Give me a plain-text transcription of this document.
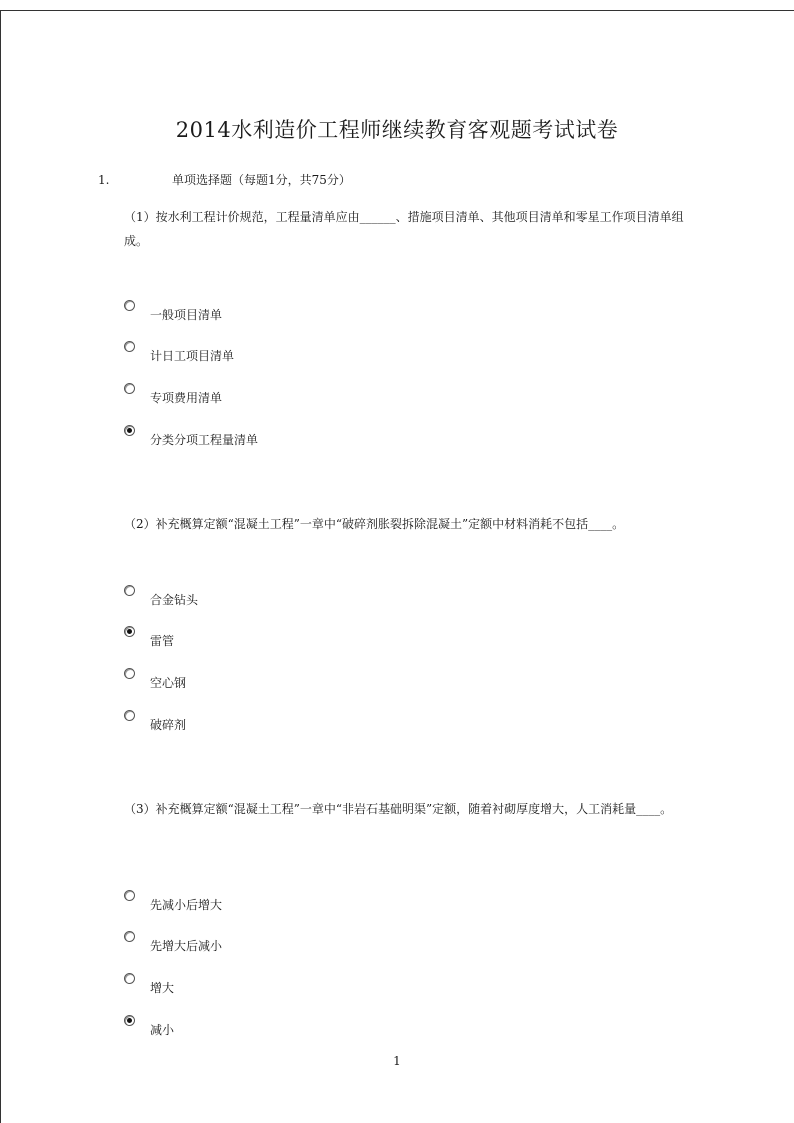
2014水利造价工程师继续教育客观题考试试卷
1.	单项选择题（每题1分，共75分）
（1）按水利工程计价规范，工程量清单应由______、措施项目清单、其他项目清单和零星工作项目清单组成。
一般项目清单
计日工项目清单
专项费用清单
分类分项工程量清单
（2）补充概算定额“混凝土工程”一章中“破碎剂胀裂拆除混凝土”定额中材料消耗不包括____。
合金钻头
雷管
空心钢
破碎剂
（3）补充概算定额“混凝土工程”一章中“非岩石基础明渠”定额，随着衬砌厚度增大，人工消耗量____。
先减小后增大
先增大后减小
增大
减小
1
